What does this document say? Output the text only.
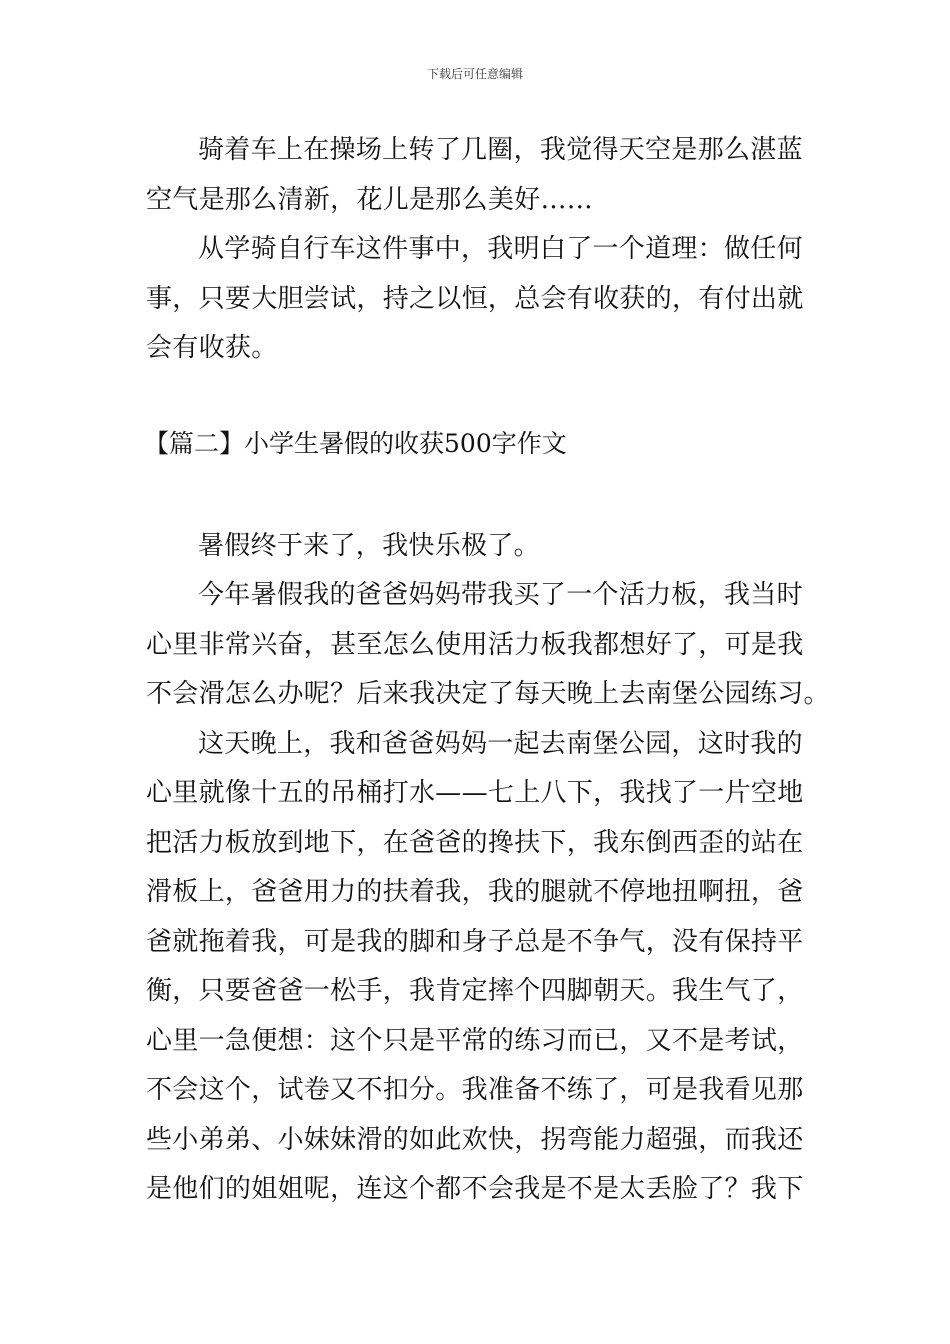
下载后可任意编辑
骑着车上在操场上转了几圈，我觉得天空是那么湛蓝
空气是那么清新，花儿是那么美好……
从学骑自行车这件事中，我明白了一个道理：做任何
事，只要大胆尝试，持之以恒，总会有收获的，有付出就
会有收获。
【篇二】小学生暑假的收获500字作文
暑假终于来了，我快乐极了。
今年暑假我的爸爸妈妈带我买了一个活力板，我当时
心里非常兴奋，甚至怎么使用活力板我都想好了，可是我
不会滑怎么办呢？后来我决定了每天晚上去南堡公园练习。
这天晚上，我和爸爸妈妈一起去南堡公园，这时我的
心里就像十五的吊桶打水——七上八下，我找了一片空地
把活力板放到地下，在爸爸的搀扶下，我东倒西歪的站在
滑板上，爸爸用力的扶着我，我的腿就不停地扭啊扭，爸
爸就拖着我，可是我的脚和身子总是不争气，没有保持平
衡，只要爸爸一松手，我肯定摔个四脚朝天。我生气了，
心里一急便想：这个只是平常的练习而已，又不是考试，
不会这个，试卷又不扣分。我准备不练了，可是我看见那
些小弟弟、小妹妹滑的如此欢快，拐弯能力超强，而我还
是他们的姐姐呢，连这个都不会我是不是太丢脸了？我下
